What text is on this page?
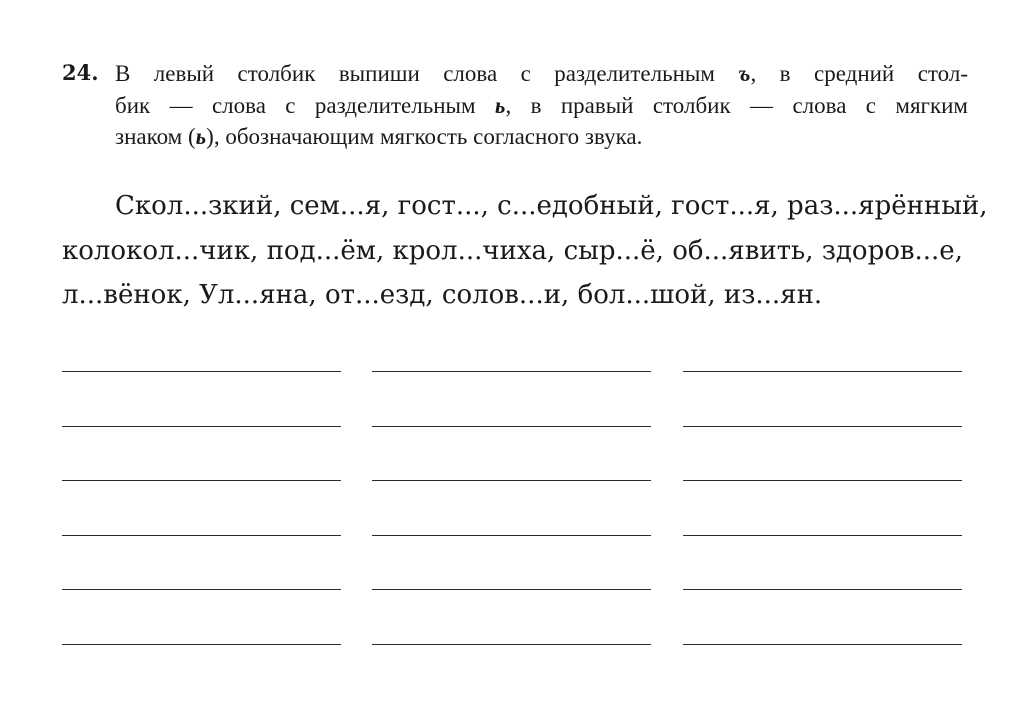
24. В левый столбик выпиши слова с разделительным ъ, в средний стол-
бик — слова с разделительным ь, в правый столбик — слова с мягким
знаком (ь), обозначающим мягкость согласного звука.
Скол...зкий, сем...я, гост..., с...едобный, гост...я, раз...ярённый,
колокол...чик, под...ём, крол...чиха, сыр...ё, об...явить, здоров...е,
л...вёнок, Ул...яна, от...езд, солов...и, бол...шой, из...ян.
